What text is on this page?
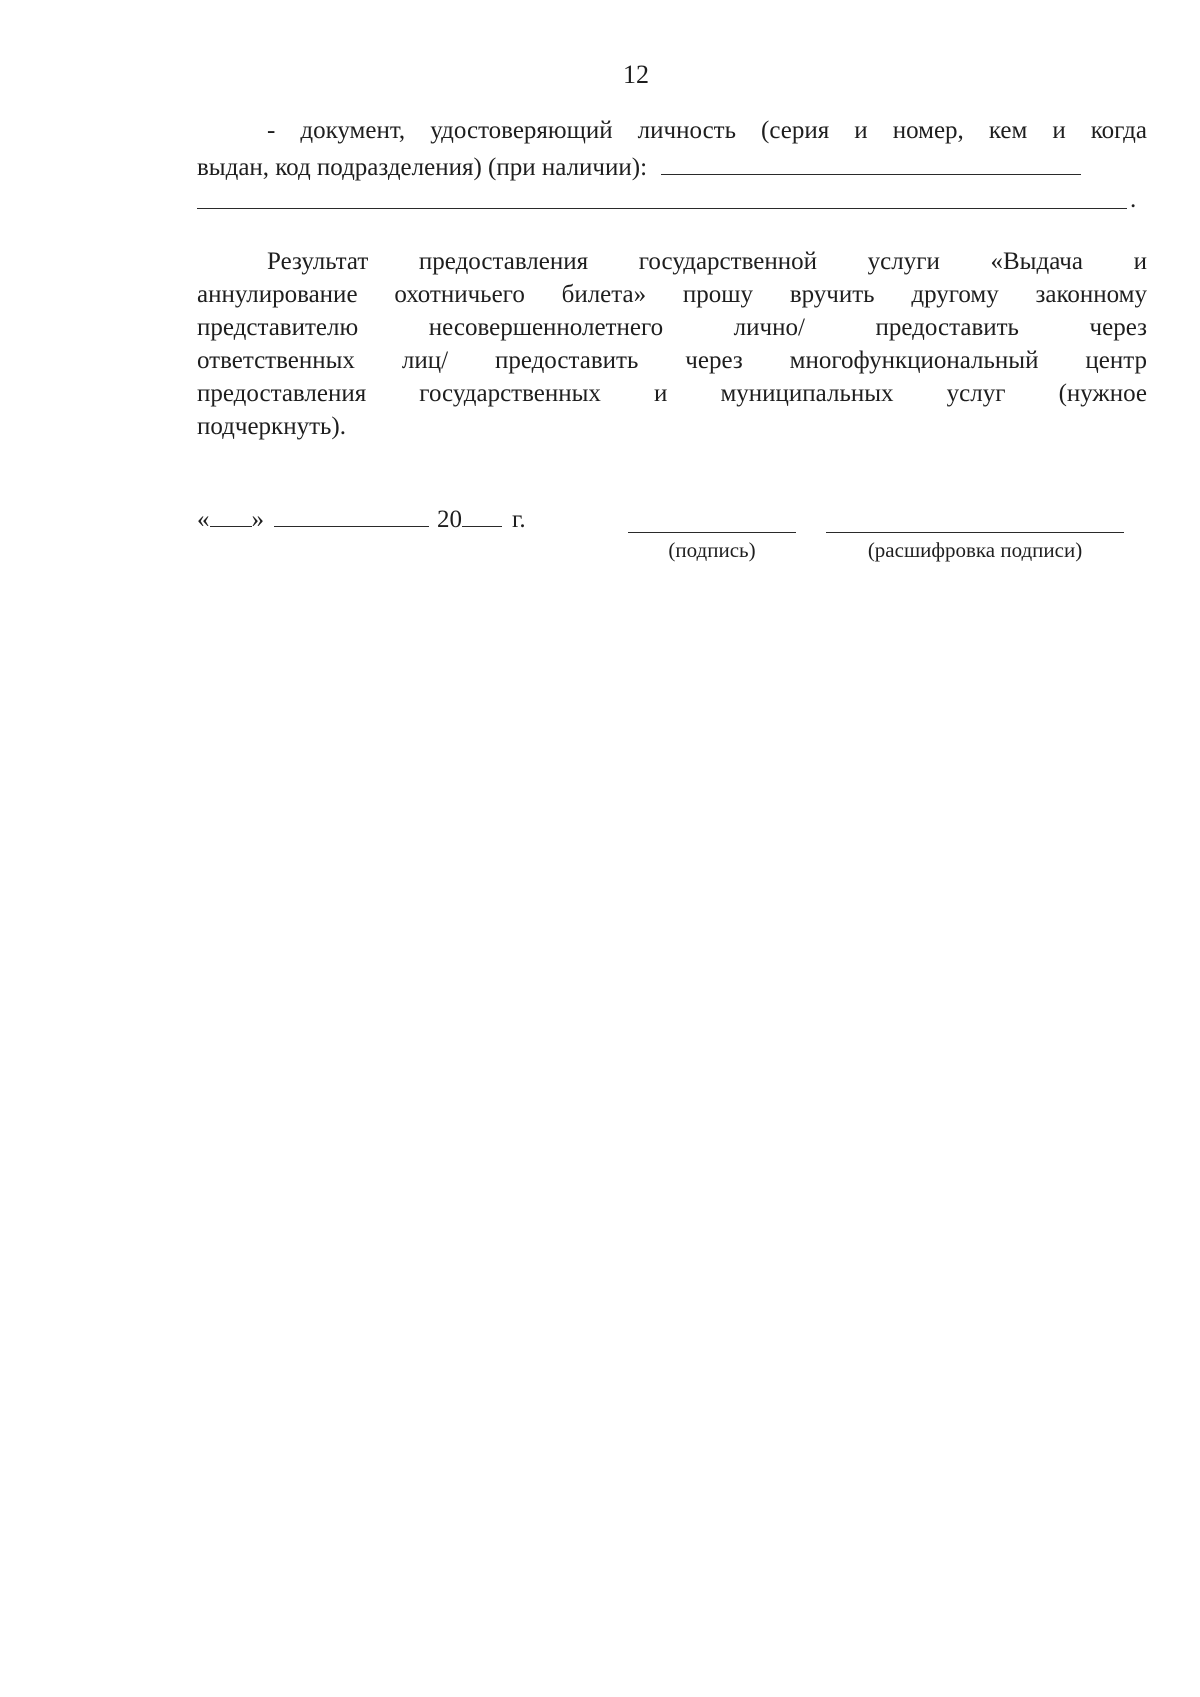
12
- документ, удостоверяющий личность (серия и номер, кем и когда
выдан, код подразделения) (при наличии):
.
Результат предоставления государственной услуги «Выдача и
аннулирование охотничьего билета» прошу вручить другому законному
представителю несовершеннолетнего лично/ предоставить через
ответственных лиц/ предоставить через многофункциональный центр
предоставления государственных и муниципальных услуг (нужное
подчеркнуть).
« »	20 г.
(подпись)	(расшифровка подписи)
